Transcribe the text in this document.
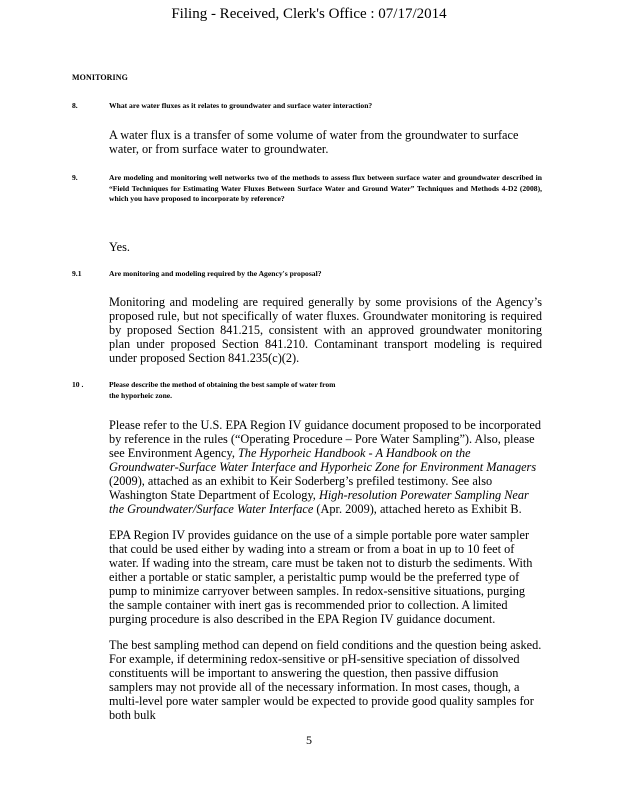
Filing - Received, Clerk's Office : 07/17/2014
MONITORING
8.	What are water fluxes as it relates to groundwater and surface water interaction?

A water flux is a transfer of some volume of water from the groundwater to surface water, or from surface water to groundwater.

9.	Are modeling and monitoring well networks two of the methods to assess flux between surface water and groundwater described in “Field Techniques for Estimating Water Fluxes Between Surface Water and Ground Water” Techniques and Methods 4-D2 (2008), which you have proposed to incorporate by reference?

Yes.

9.1	Are monitoring and modeling required by the Agency's proposal?

Monitoring and modeling are required generally by some provisions of the Agency’s proposed rule, but not specifically of water fluxes. Groundwater monitoring is required by proposed Section 841.215, consistent with an approved groundwater monitoring plan under proposed Section 841.210. Contaminant transport modeling is required under proposed Section 841.235(c)(2).

10 .	Please describe the method of obtaining the best sample of water from the hyporheic zone.

Please refer to the U.S. EPA Region IV guidance document proposed to be incorporated by reference in the rules (“Operating Procedure – Pore Water Sampling”). Also, please see Environment Agency, The Hyporheic Handbook - A Handbook on the Groundwater-Surface Water Interface and Hyporheic Zone for Environment Managers (2009), attached as an exhibit to Keir Soderberg’s prefiled testimony. See also Washington State Department of Ecology, High-resolution Porewater Sampling Near the Groundwater/Surface Water Interface (Apr. 2009), attached hereto as Exhibit B.

EPA Region IV provides guidance on the use of a simple portable pore water sampler that could be used either by wading into a stream or from a boat in up to 10 feet of water. If wading into the stream, care must be taken not to disturb the sediments. With either a portable or static sampler, a peristaltic pump would be the preferred type of pump to minimize carryover between samples. In redox-sensitive situations, purging the sample container with inert gas is recommended prior to collection. A limited purging procedure is also described in the EPA Region IV guidance document.

The best sampling method can depend on field conditions and the question being asked. For example, if determining redox-sensitive or pH-sensitive speciation of dissolved constituents will be important to answering the question, then passive diffusion samplers may not provide all of the necessary information. In most cases, though, a multi-level pore water sampler would be expected to provide good quality samples for both bulk

5
